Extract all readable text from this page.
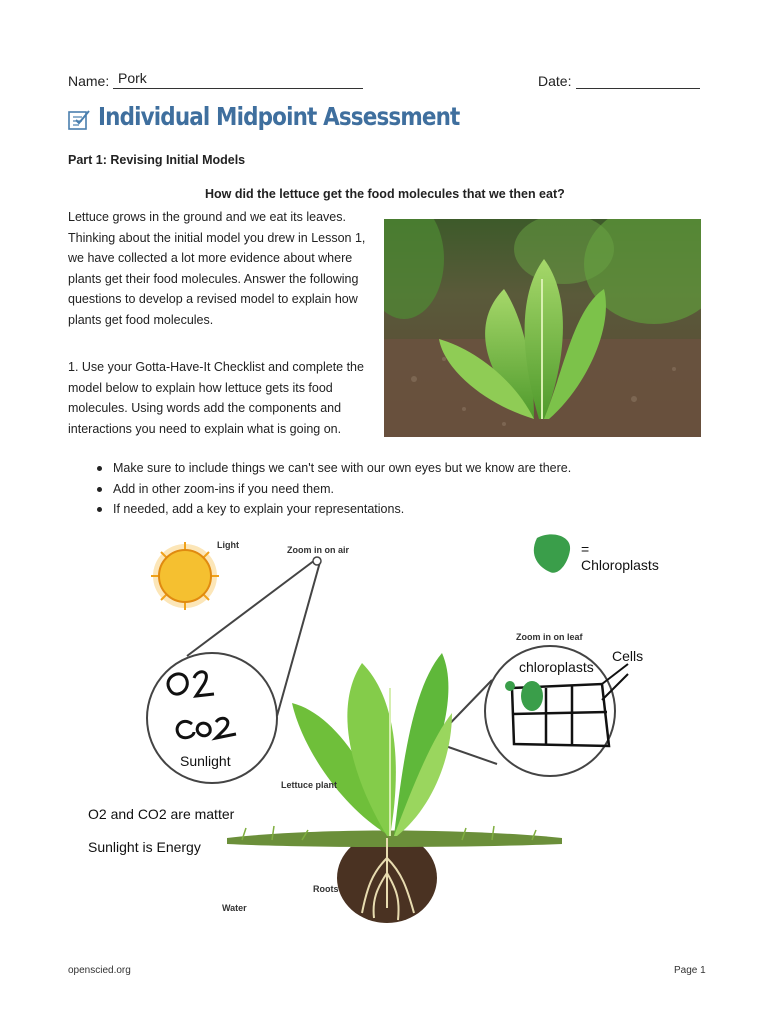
Name: Pork	Date:
Individual Midpoint Assessment
Part 1: Revising Initial Models
How did the lettuce get the food molecules that we then eat?

Lettuce grows in the ground and we eat its leaves. Thinking about the initial model you drew in Lesson 1, we have collected a lot more evidence about where plants get their food molecules. Answer the following questions to develop a revised model to explain how plants get food molecules.

1. Use your Gotta-Have-It Checklist and complete the model below to explain how lettuce gets its food molecules. Using words add the components and interactions you need to explain what is going on.

Make sure to include things we can't see with our own eyes but we know are there.
Add in other zoom-ins if you need them.
If needed, add a key to explain your representations.
Light	Zoom in on air
Zoom in on leaf
Lettuce plant
Roots
Water
= Chloroplasts
Sunlight
Cells
chloroplasts
O2 and CO2 are matter
Sunlight is Energy
openscied.org	Page 1
